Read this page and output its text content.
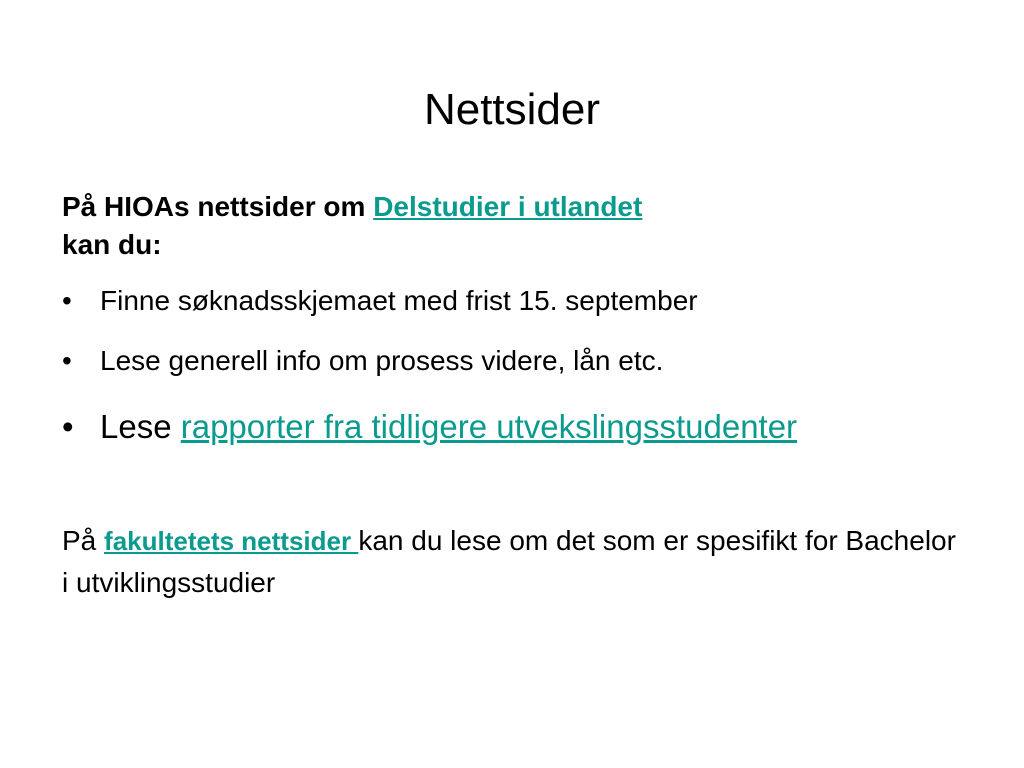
Nettsider

På HIOAs nettsider om Delstudier i utlandet
kan du:

•	Finne søknadsskjemaet med frist 15. september
•	Lese generell info om prosess videre, lån etc.
• Lese rapporter fra tidligere utvekslingsstudenter

På fakultetets nettsider kan du lese om det som er spesifikt for Bachelor i utviklingsstudier
